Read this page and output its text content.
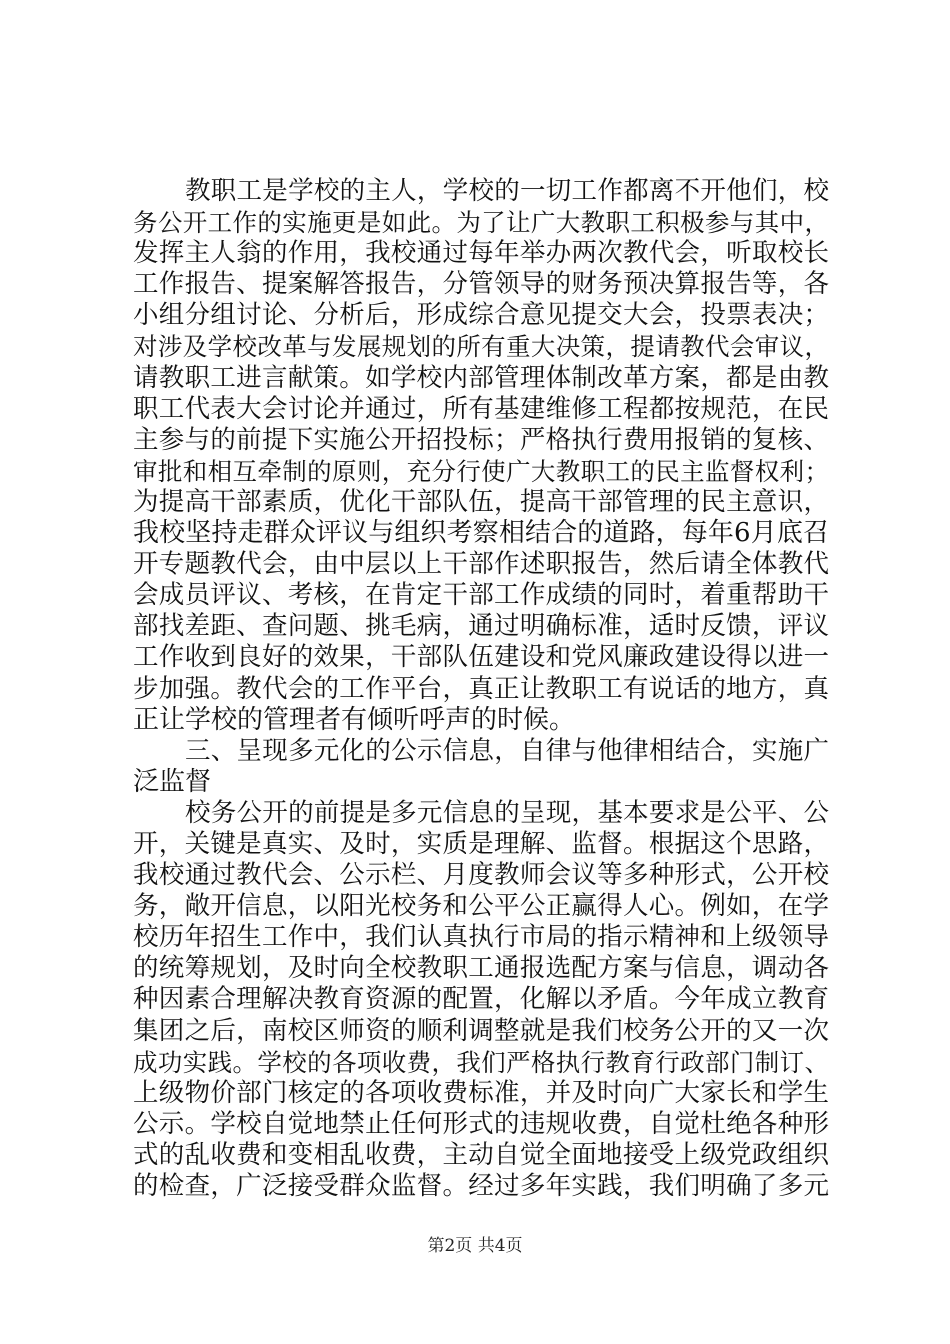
教职工是学校的主人，学校的一切工作都离不开他们，校
务公开工作的实施更是如此。为了让广大教职工积极参与其中，
发挥主人翁的作用，我校通过每年举办两次教代会，听取校长
工作报告、提案解答报告，分管领导的财务预决算报告等，各
小组分组讨论、分析后，形成综合意见提交大会，投票表决；
对涉及学校改革与发展规划的所有重大决策，提请教代会审议，
请教职工进言献策。如学校内部管理体制改革方案，都是由教
职工代表大会讨论并通过，所有基建维修工程都按规范，在民
主参与的前提下实施公开招投标；严格执行费用报销的复核、
审批和相互牵制的原则，充分行使广大教职工的民主监督权利；
为提高干部素质，优化干部队伍，提高干部管理的民主意识，
我校坚持走群众评议与组织考察相结合的道路，每年6月底召
开专题教代会，由中层以上干部作述职报告，然后请全体教代
会成员评议、考核，在肯定干部工作成绩的同时，着重帮助干
部找差距、查问题、挑毛病，通过明确标准，适时反馈，评议
工作收到良好的效果，干部队伍建设和党风廉政建设得以进一
步加强。教代会的工作平台，真正让教职工有说话的地方，真
正让学校的管理者有倾听呼声的时候。
三、呈现多元化的公示信息，自律与他律相结合，实施广
泛监督
校务公开的前提是多元信息的呈现，基本要求是公平、公
开，关键是真实、及时，实质是理解、监督。根据这个思路，
我校通过教代会、公示栏、月度教师会议等多种形式，公开校
务，敞开信息，以阳光校务和公平公正赢得人心。例如，在学
校历年招生工作中，我们认真执行市局的指示精神和上级领导
的统筹规划，及时向全校教职工通报选配方案与信息，调动各
种因素合理解决教育资源的配置，化解以矛盾。今年成立教育
集团之后，南校区师资的顺利调整就是我们校务公开的又一次
成功实践。学校的各项收费，我们严格执行教育行政部门制订、
上级物价部门核定的各项收费标准，并及时向广大家长和学生
公示。学校自觉地禁止任何形式的违规收费，自觉杜绝各种形
式的乱收费和变相乱收费，主动自觉全面地接受上级党政组织
的检查，广泛接受群众监督。经过多年实践，我们明确了多元
第2页 共4页
